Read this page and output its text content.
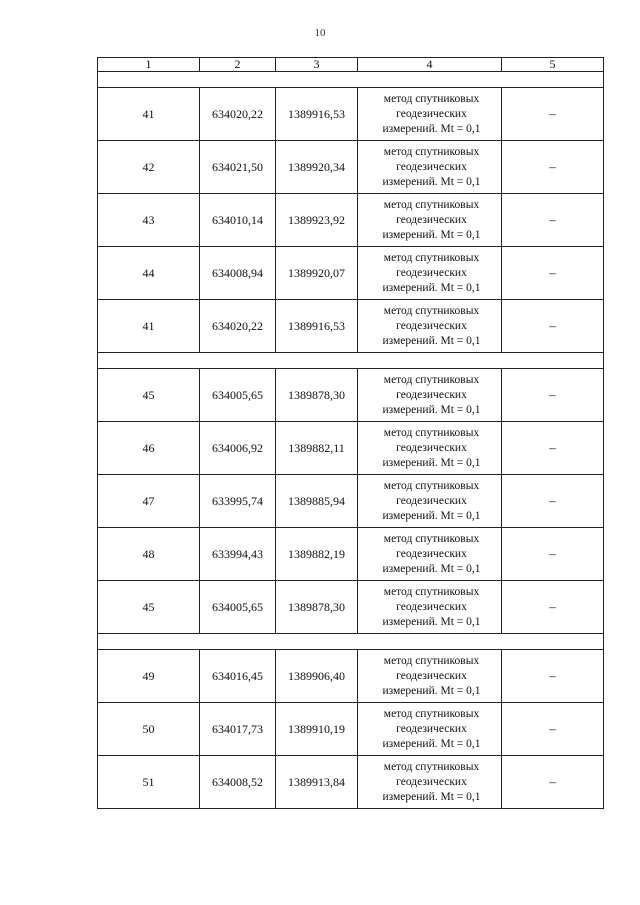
10
1	2	3	4	5

41	634020,22	1389916,53	метод спутниковых
геодезических
измерений. Mt = 0,1	–
42	634021,50	1389920,34	метод спутниковых
геодезических
измерений. Mt = 0,1	–
43	634010,14	1389923,92	метод спутниковых
геодезических
измерений. Mt = 0,1	–
44	634008,94	1389920,07	метод спутниковых
геодезических
измерений. Mt = 0,1	–
41	634020,22	1389916,53	метод спутниковых
геодезических
измерений. Mt = 0,1	–

45	634005,65	1389878,30	метод спутниковых
геодезических
измерений. Mt = 0,1	–
46	634006,92	1389882,11	метод спутниковых
геодезических
измерений. Mt = 0,1	–
47	633995,74	1389885,94	метод спутниковых
геодезических
измерений. Mt = 0,1	–
48	633994,43	1389882,19	метод спутниковых
геодезических
измерений. Mt = 0,1	–
45	634005,65	1389878,30	метод спутниковых
геодезических
измерений. Mt = 0,1	–

49	634016,45	1389906,40	метод спутниковых
геодезических
измерений. Mt = 0,1	–
50	634017,73	1389910,19	метод спутниковых
геодезических
измерений. Mt = 0,1	–
51	634008,52	1389913,84	метод спутниковых
геодезических
измерений. Mt = 0,1	–
